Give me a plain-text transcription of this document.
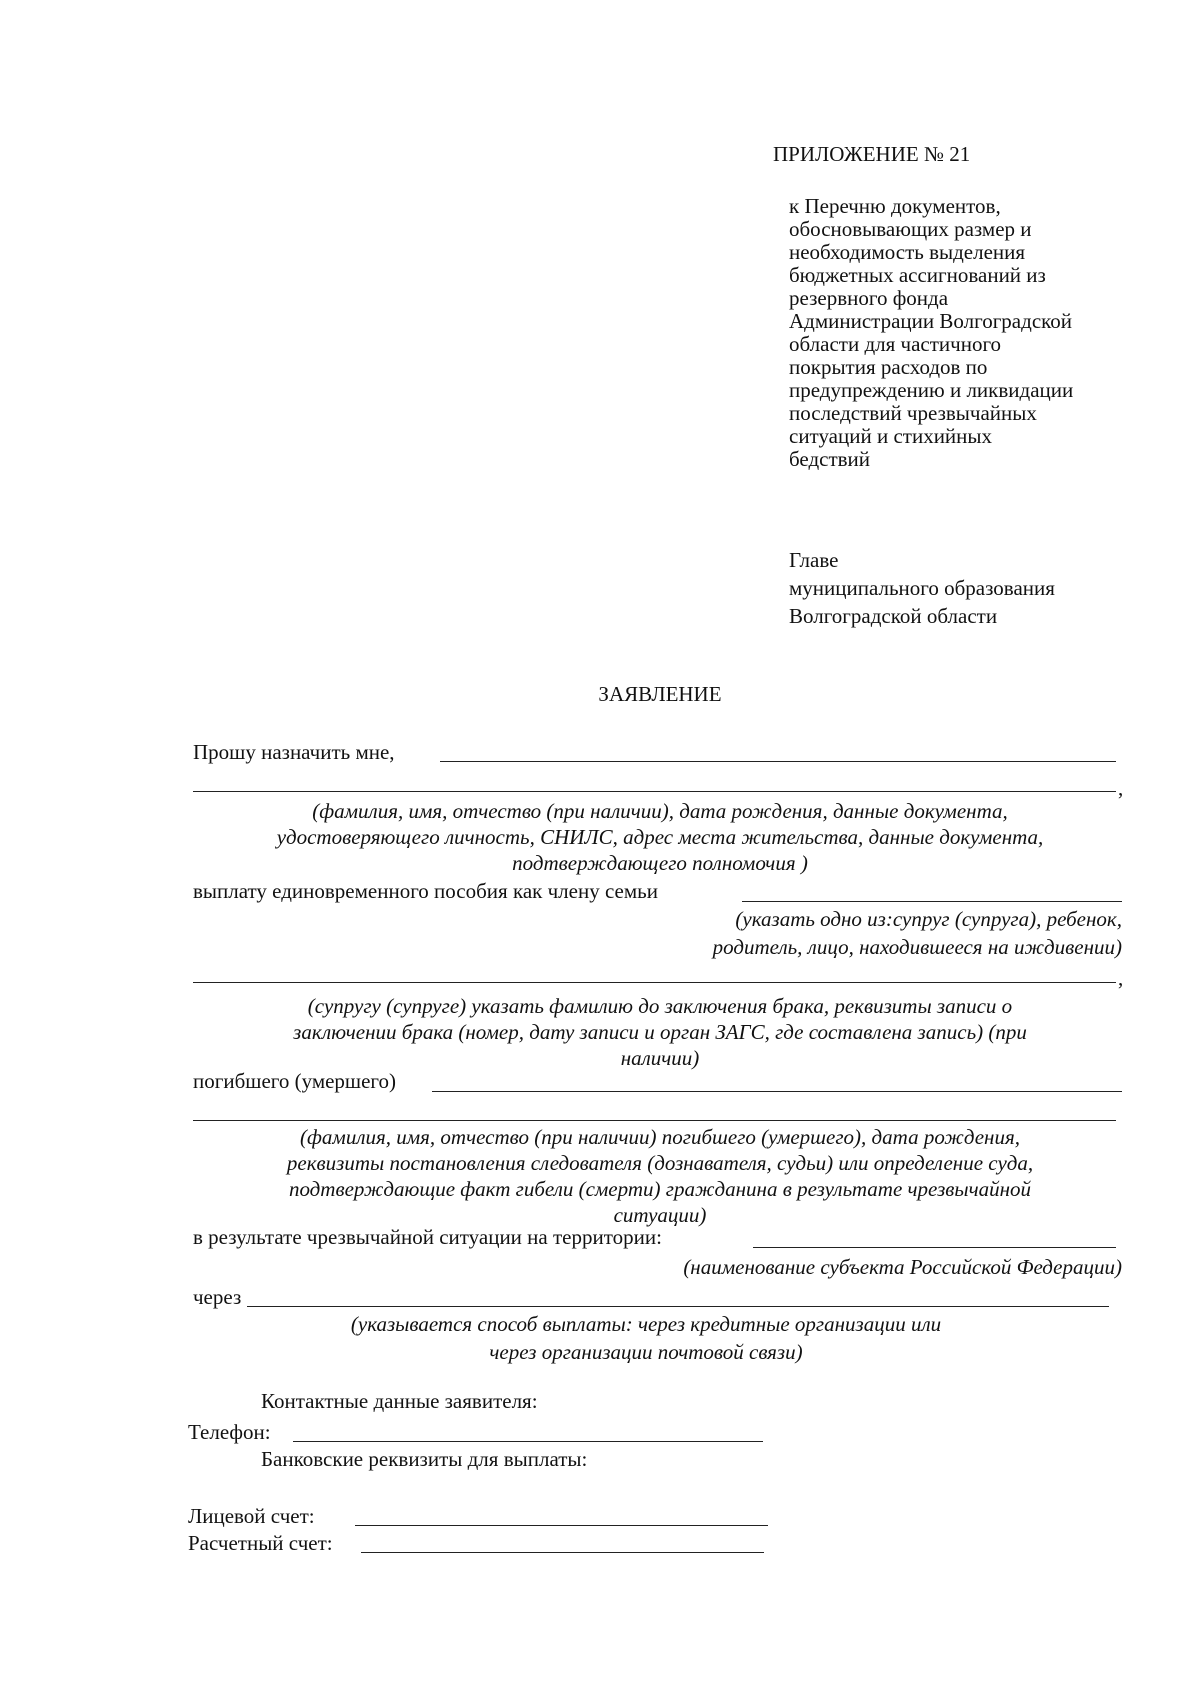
ПРИЛОЖЕНИЕ № 21
к Перечню документов,
обосновывающих размер и
необходимость выделения
бюджетных ассигнований из
резервного фонда
Администрации Волгоградской
области для частичного
покрытия расходов по
предупреждению и ликвидации
последствий чрезвычайных
ситуаций и стихийных
бедствий
Главе
муниципального образования
Волгоградской области
ЗАЯВЛЕНИЕ
Прошу назначить мне,
,
(фамилия, имя, отчество (при наличии), дата рождения, данные документа,
удостоверяющего личность, СНИЛС, адрес места жительства, данные документа,
подтверждающего полномочия )
выплату единовременного пособия как члену семьи
(указать одно из:супруг (супруга), ребенок,
родитель, лицо, находившееся на иждивении)
,
(супругу (супруге) указать фамилию до заключения брака, реквизиты записи о
заключении брака (номер, дату записи и орган ЗАГС, где составлена запись) (при
наличии)
погибшего (умершего)
(фамилия, имя, отчество (при наличии) погибшего (умершего), дата рождения,
реквизиты постановления следователя (дознавателя, судьи) или определение суда,
подтверждающие факт гибели (смерти) гражданина в результате чрезвычайной
ситуации)
в результате чрезвычайной ситуации на территории:
(наименование субъекта Российской Федерации)
через
(указывается способ выплаты: через кредитные организации или
через организации почтовой связи)
Контактные данные заявителя:
Телефон:
Банковские реквизиты для выплаты:
Лицевой счет:
Расчетный счет:
